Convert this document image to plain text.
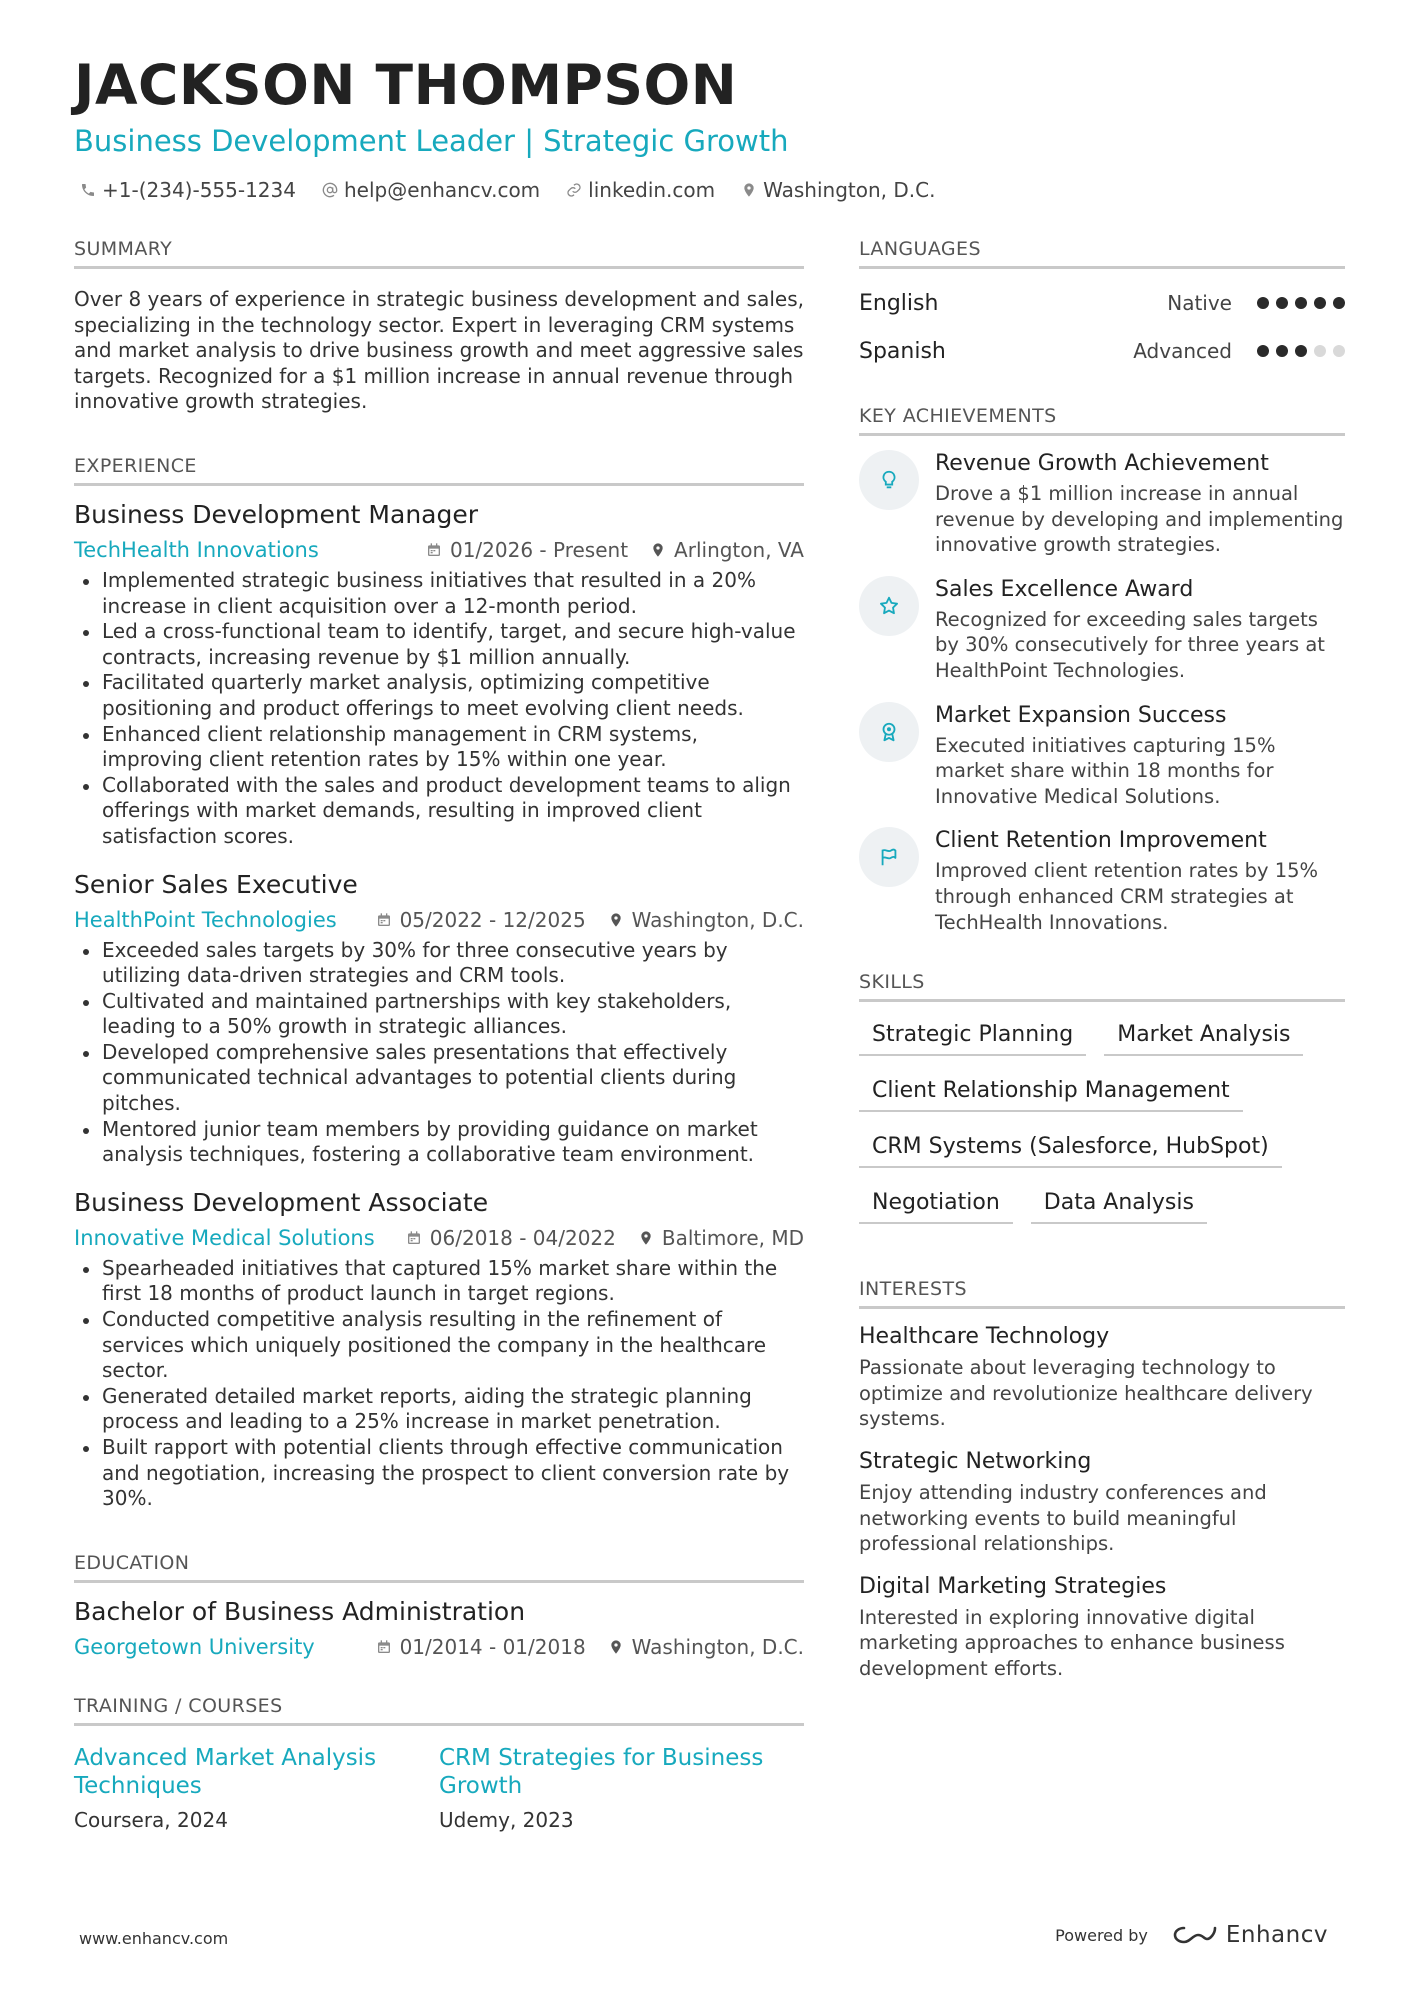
JACKSON THOMPSON
Business Development Leader | Strategic Growth
+1-(234)-555-1234 help@enhancv.com linkedin.com Washington, D.C.
SUMMARY
Over 8 years of experience in strategic business development and sales, specializing in the technology sector. Expert in leveraging CRM systems and market analysis to drive business growth and meet aggressive sales targets. Recognized for a $1 million increase in annual revenue through innovative growth strategies.
EXPERIENCE
Business Development Manager
TechHealth Innovations	01/2026 - Present Arlington, VA
Implemented strategic business initiatives that resulted in a 20% increase in client acquisition over a 12-month period.
Led a cross-functional team to identify, target, and secure high-value contracts, increasing revenue by $1 million annually.
Facilitated quarterly market analysis, optimizing competitive positioning and product offerings to meet evolving client needs.
Enhanced client relationship management in CRM systems, improving client retention rates by 15% within one year.
Collaborated with the sales and product development teams to align offerings with market demands, resulting in improved client satisfaction scores.
Senior Sales Executive
HealthPoint Technologies	05/2022 - 12/2025 Washington, D.C.
Exceeded sales targets by 30% for three consecutive years by utilizing data-driven strategies and CRM tools.
Cultivated and maintained partnerships with key stakeholders, leading to a 50% growth in strategic alliances.
Developed comprehensive sales presentations that effectively communicated technical advantages to potential clients during pitches.
Mentored junior team members by providing guidance on market analysis techniques, fostering a collaborative team environment.
Business Development Associate
Innovative Medical Solutions	06/2018 - 04/2022 Baltimore, MD
Spearheaded initiatives that captured 15% market share within the first 18 months of product launch in target regions.
Conducted competitive analysis resulting in the refinement of services which uniquely positioned the company in the healthcare sector.
Generated detailed market reports, aiding the strategic planning process and leading to a 25% increase in market penetration.
Built rapport with potential clients through effective communication and negotiation, increasing the prospect to client conversion rate by 30%.
EDUCATION
Bachelor of Business Administration
Georgetown University	01/2014 - 01/2018 Washington, D.C.
TRAINING / COURSES
Advanced Market Analysis Techniques
Coursera, 2024
CRM Strategies for Business Growth
Udemy, 2023
LANGUAGES
English	Native
Spanish	Advanced
KEY ACHIEVEMENTS
Revenue Growth Achievement
Drove a $1 million increase in annual revenue by developing and implementing innovative growth strategies.
Sales Excellence Award
Recognized for exceeding sales targets by 30% consecutively for three years at HealthPoint Technologies.
Market Expansion Success
Executed initiatives capturing 15% market share within 18 months for Innovative Medical Solutions.
Client Retention Improvement
Improved client retention rates by 15% through enhanced CRM strategies at TechHealth Innovations.
SKILLS
Strategic Planning	Market Analysis
Client Relationship Management
CRM Systems (Salesforce, HubSpot)
Negotiation	Data Analysis
INTERESTS
Healthcare Technology
Passionate about leveraging technology to optimize and revolutionize healthcare delivery systems.
Strategic Networking
Enjoy attending industry conferences and networking events to build meaningful professional relationships.
Digital Marketing Strategies
Interested in exploring innovative digital marketing approaches to enhance business development efforts.
www.enhancv.com	Powered by	Enhancv
